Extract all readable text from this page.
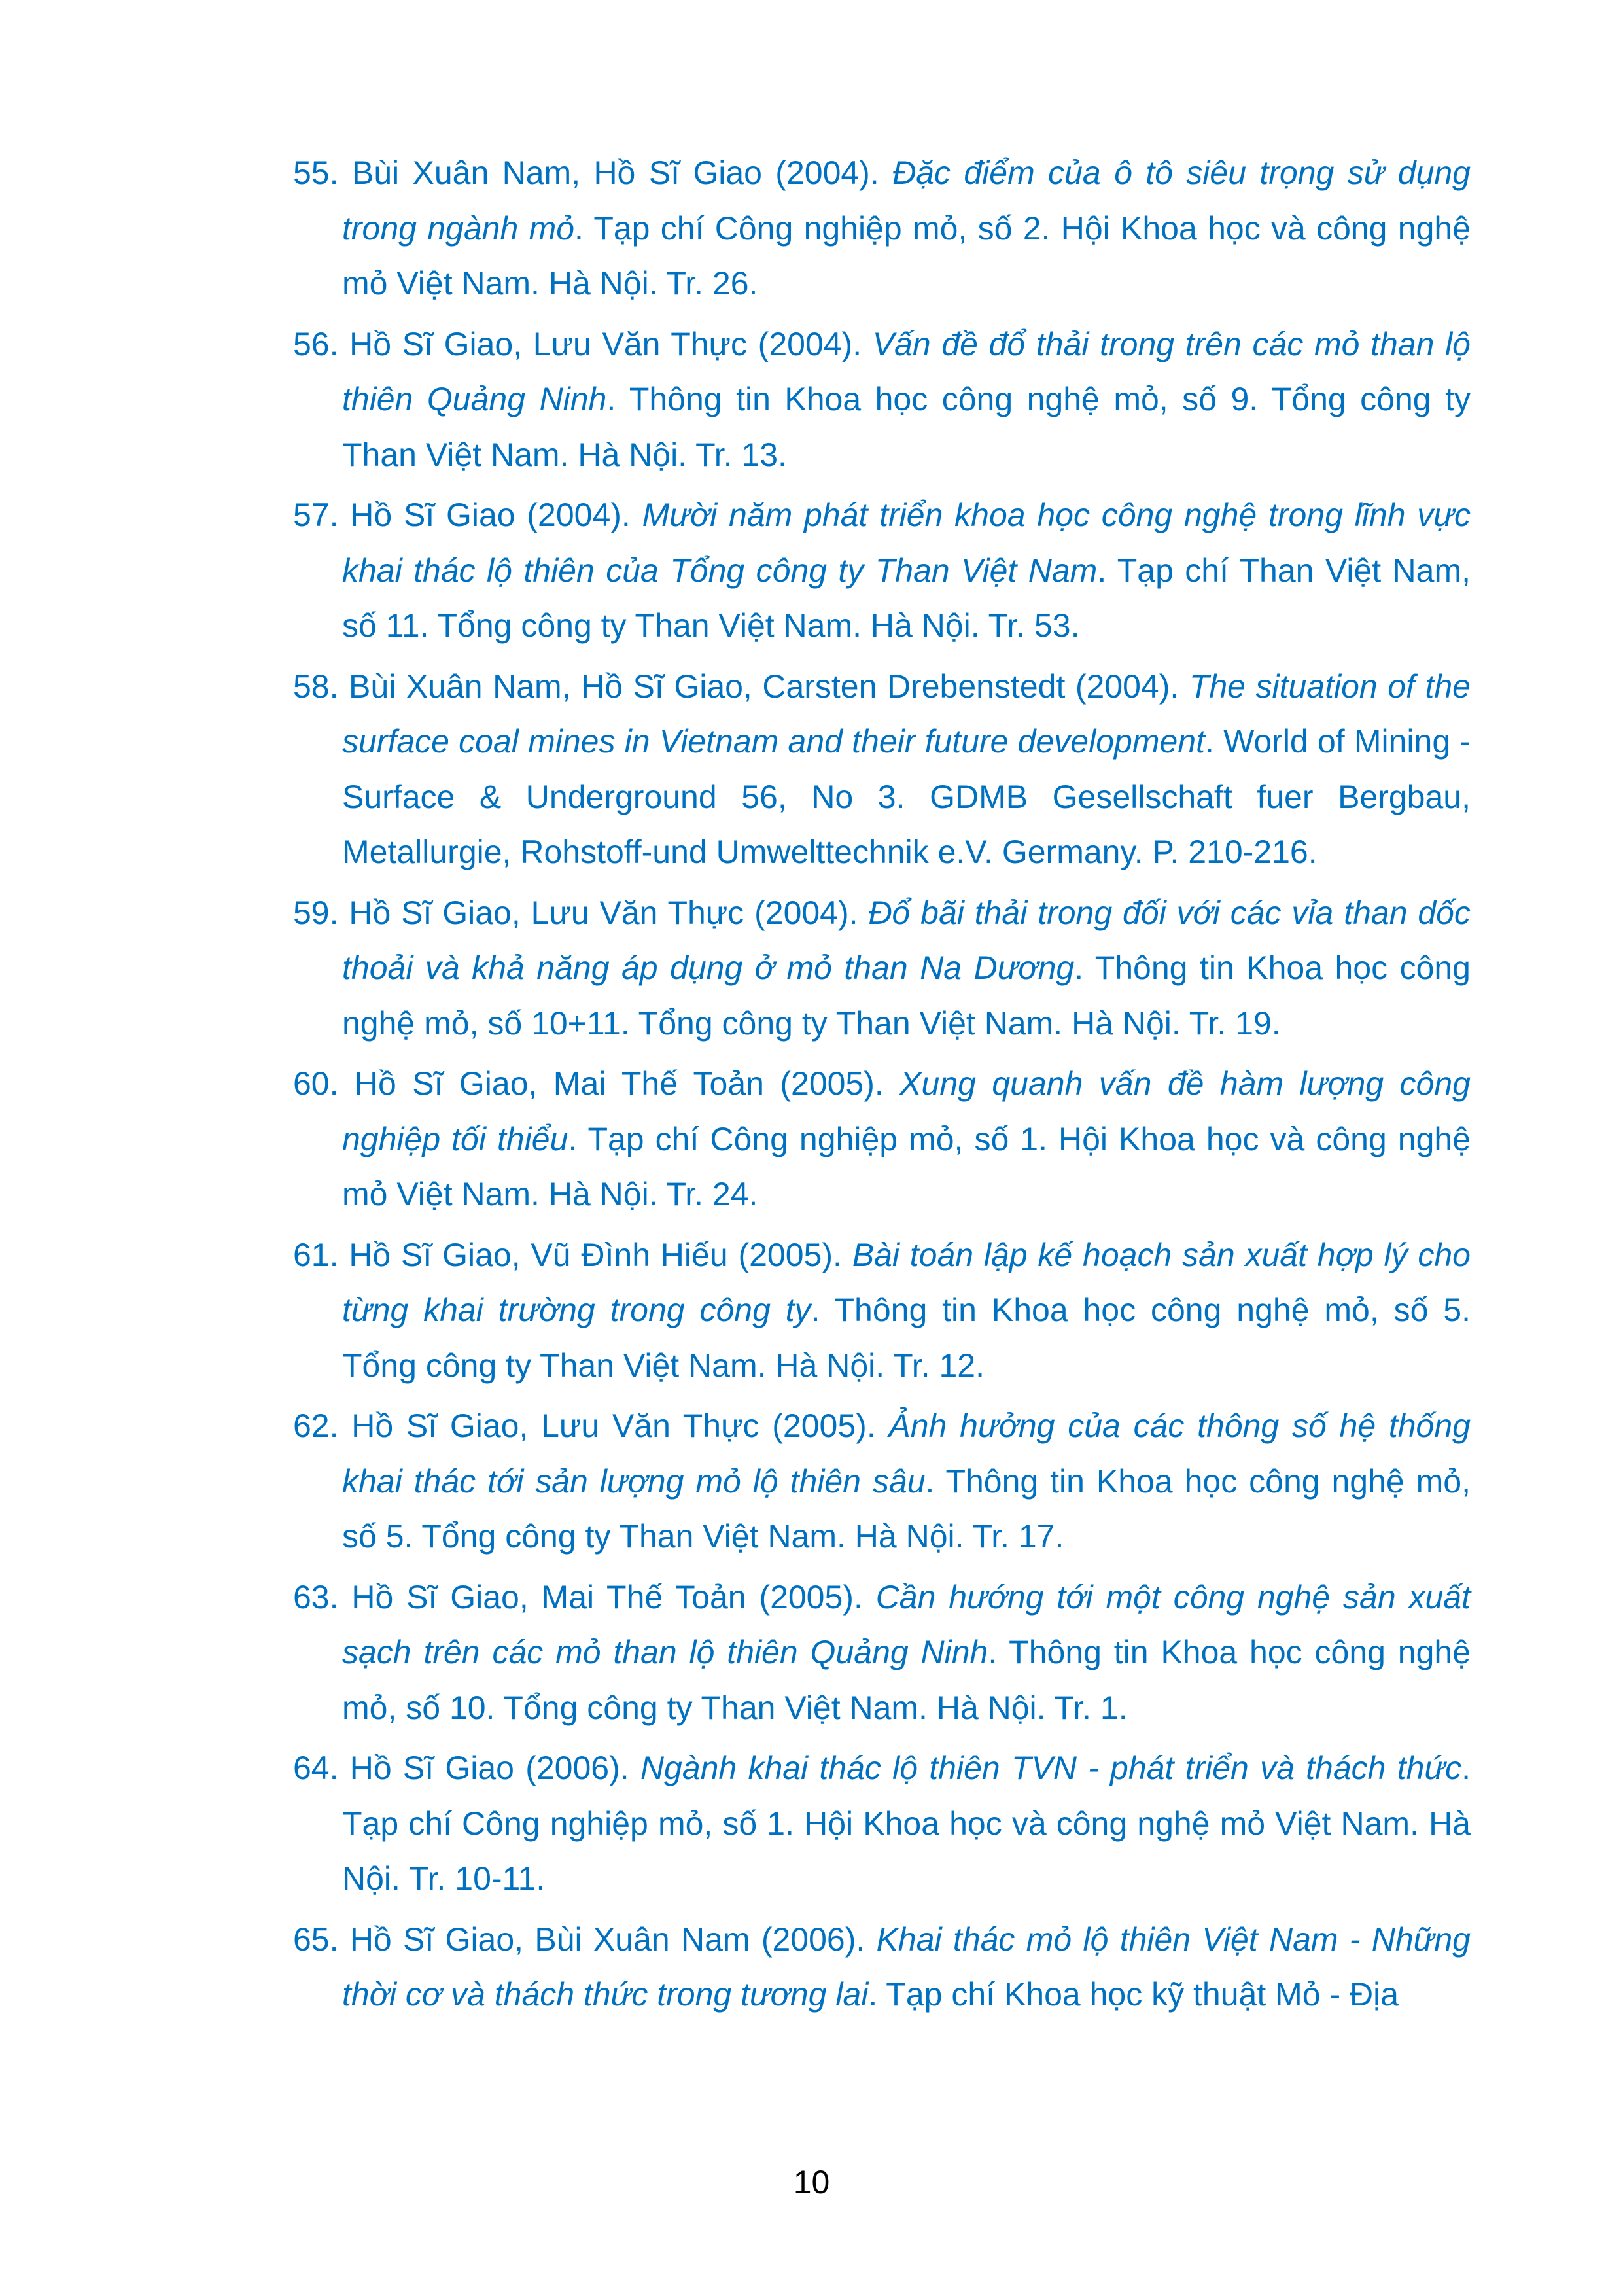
55. Bùi Xuân Nam, Hồ Sĩ Giao (2004). Đặc điểm của ô tô siêu trọng sử dụng trong ngành mỏ. Tạp chí Công nghiệp mỏ, số 2. Hội Khoa học và công nghệ mỏ Việt Nam. Hà Nội. Tr. 26.
56. Hồ Sĩ Giao, Lưu Văn Thực (2004). Vấn đề đổ thải trong trên các mỏ than lộ thiên Quảng Ninh. Thông tin Khoa học công nghệ mỏ, số 9. Tổng công ty Than Việt Nam. Hà Nội. Tr. 13.
57. Hồ Sĩ Giao (2004). Mười năm phát triển khoa học công nghệ trong lĩnh vực khai thác lộ thiên của Tổng công ty Than Việt Nam. Tạp chí Than Việt Nam, số 11. Tổng công ty Than Việt Nam. Hà Nội. Tr. 53.
58. Bùi Xuân Nam, Hồ Sĩ Giao, Carsten Drebenstedt (2004). The situation of the surface coal mines in Vietnam and their future development. World of Mining - Surface & Underground 56, No 3. GDMB Gesellschaft fuer Bergbau, Metallurgie, Rohstoff-und Umwelttechnik e.V. Germany. P. 210-216.
59. Hồ Sĩ Giao, Lưu Văn Thực (2004). Đổ bãi thải trong đối với các vỉa than dốc thoải và khả năng áp dụng ở mỏ than Na Dương. Thông tin Khoa học công nghệ mỏ, số 10+11. Tổng công ty Than Việt Nam. Hà Nội. Tr. 19.
60. Hồ Sĩ Giao, Mai Thế Toản (2005). Xung quanh vấn đề hàm lượng công nghiệp tối thiểu. Tạp chí Công nghiệp mỏ, số 1. Hội Khoa học và công nghệ mỏ Việt Nam. Hà Nội. Tr. 24.
61. Hồ Sĩ Giao, Vũ Đình Hiếu (2005). Bài toán lập kế hoạch sản xuất hợp lý cho từng khai trường trong công ty. Thông tin Khoa học công nghệ mỏ, số 5. Tổng công ty Than Việt Nam. Hà Nội. Tr. 12.
62. Hồ Sĩ Giao, Lưu Văn Thực (2005). Ảnh hưởng của các thông số hệ thống khai thác tới sản lượng mỏ lộ thiên sâu. Thông tin Khoa học công nghệ mỏ, số 5. Tổng công ty Than Việt Nam. Hà Nội. Tr. 17.
63. Hồ Sĩ Giao, Mai Thế Toản (2005). Cần hướng tới một công nghệ sản xuất sạch trên các mỏ than lộ thiên Quảng Ninh. Thông tin Khoa học công nghệ mỏ, số 10. Tổng công ty Than Việt Nam. Hà Nội. Tr. 1.
64. Hồ Sĩ Giao (2006). Ngành khai thác lộ thiên TVN - phát triển và thách thức. Tạp chí Công nghiệp mỏ, số 1. Hội Khoa học và công nghệ mỏ Việt Nam. Hà Nội. Tr. 10-11.
65. Hồ Sĩ Giao, Bùi Xuân Nam (2006). Khai thác mỏ lộ thiên Việt Nam - Những thời cơ và thách thức trong tương lai. Tạp chí Khoa học kỹ thuật Mỏ - Địa
10
